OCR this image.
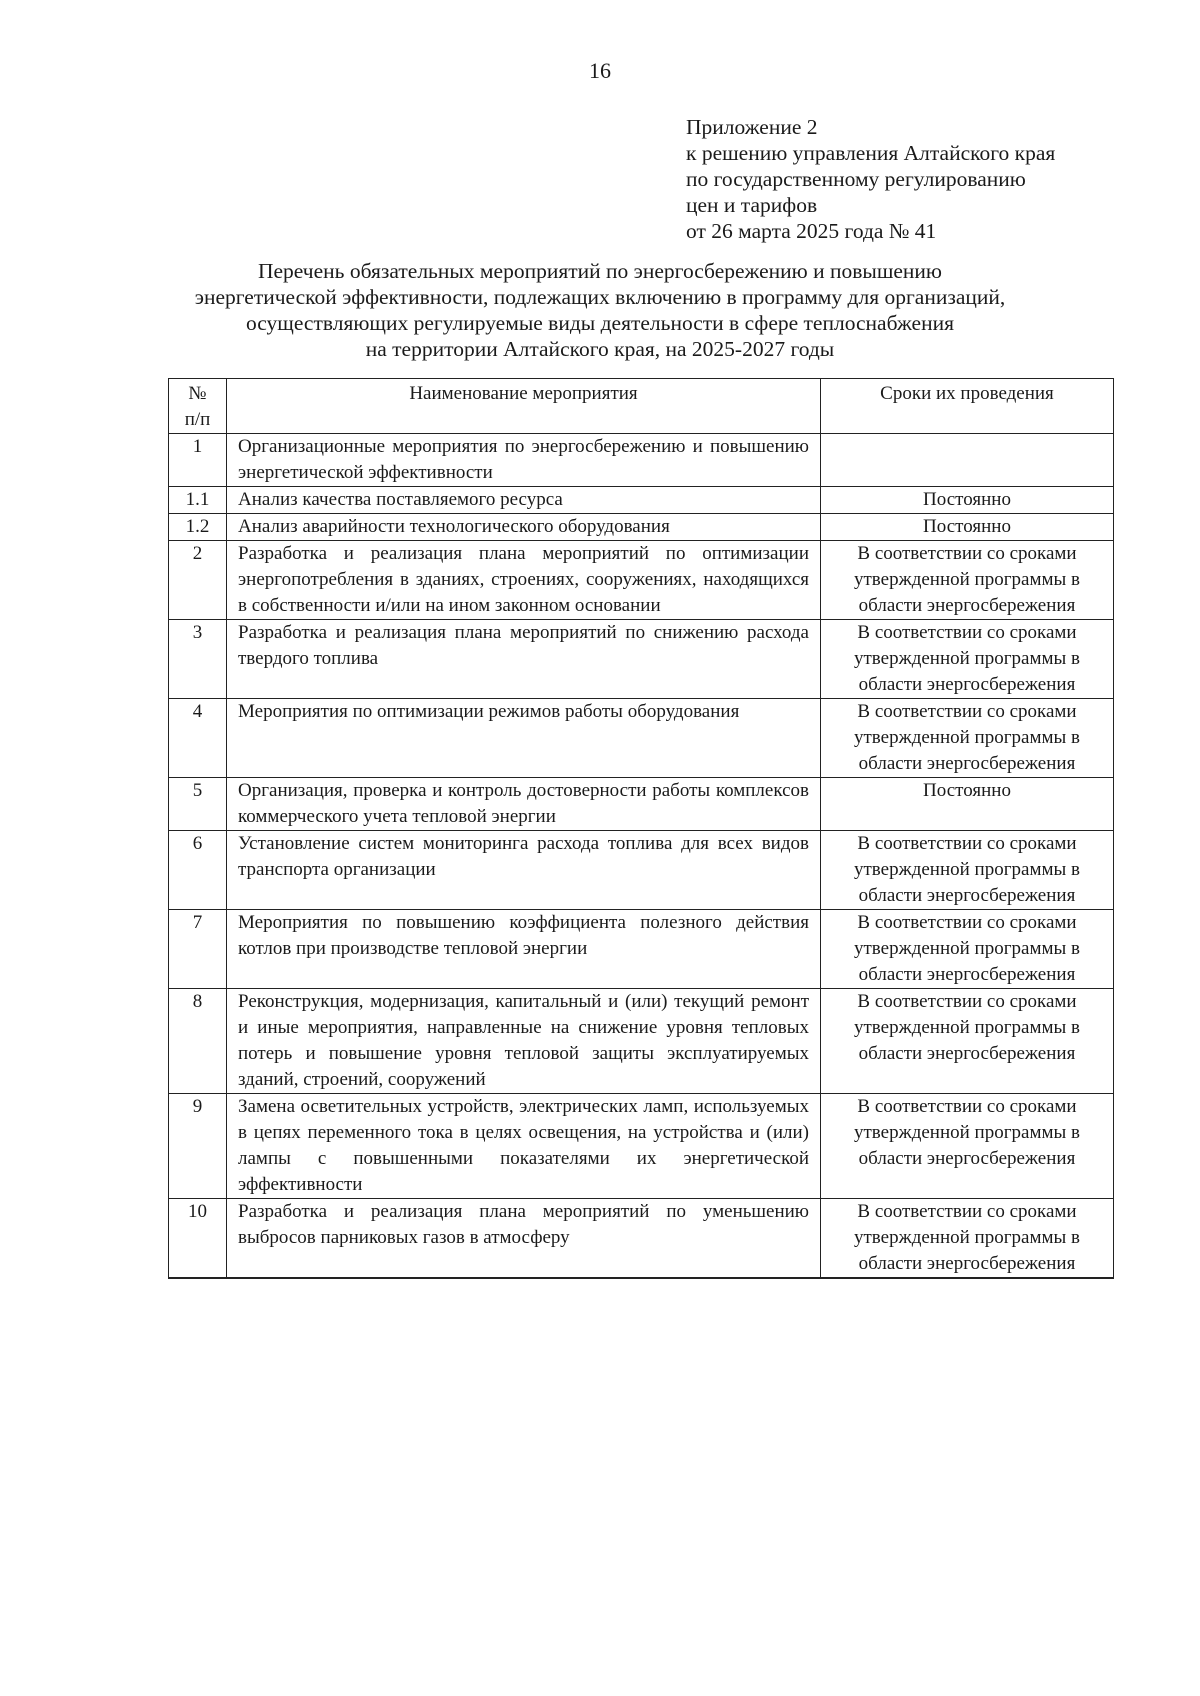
16
Приложение 2
к решению управления Алтайского края
по государственному регулированию
цен и тарифов
от 26 марта 2025 года № 41
Перечень обязательных мероприятий по энергосбережению и повышению
энергетической эффективности, подлежащих включению в программу для организаций,
осуществляющих регулируемые виды деятельности в сфере теплоснабжения
на территории Алтайского края, на 2025-2027 годы
№
п/п	Наименование мероприятия	Сроки их проведения
1	Организационные мероприятия по энергосбережению и повышению энергетической эффективности	
1.1	Анализ качества поставляемого ресурса	Постоянно
1.2	Анализ аварийности технологического оборудования	Постоянно
2	Разработка и реализация плана мероприятий по оптимизации энергопотребления в зданиях, строениях, сооружениях, находящихся в собственности и/или на ином законном основании	В соответствии со сроками утвержденной программы в области энергосбережения
3	Разработка и реализация плана мероприятий по снижению расхода твердого топлива	В соответствии со сроками утвержденной программы в области энергосбережения
4	Мероприятия по оптимизации режимов работы оборудования	В соответствии со сроками утвержденной программы в области энергосбережения
5	Организация, проверка и контроль достоверности работы комплексов коммерческого учета тепловой энергии	Постоянно
6	Установление систем мониторинга расхода топлива для всех видов транспорта организации	В соответствии со сроками утвержденной программы в области энергосбережения
7	Мероприятия по повышению коэффициента полезного действия котлов при производстве тепловой энергии	В соответствии со сроками утвержденной программы в области энергосбережения
8	Реконструкция, модернизация, капитальный и (или) текущий ремонт и иные мероприятия, направленные на снижение уровня тепловых потерь и повышение уровня тепловой защиты эксплуатируемых зданий, строений, сооружений	В соответствии со сроками утвержденной программы в области энергосбережения
9	Замена осветительных устройств, электрических ламп, используемых в цепях переменного тока в целях освещения, на устройства и (или) лампы с повышенными показателями их энергетической эффективности	В соответствии со сроками утвержденной программы в области энергосбережения
10	Разработка и реализация плана мероприятий по уменьшению выбросов парниковых газов в атмосферу	В соответствии со сроками утвержденной программы в области энергосбережения
